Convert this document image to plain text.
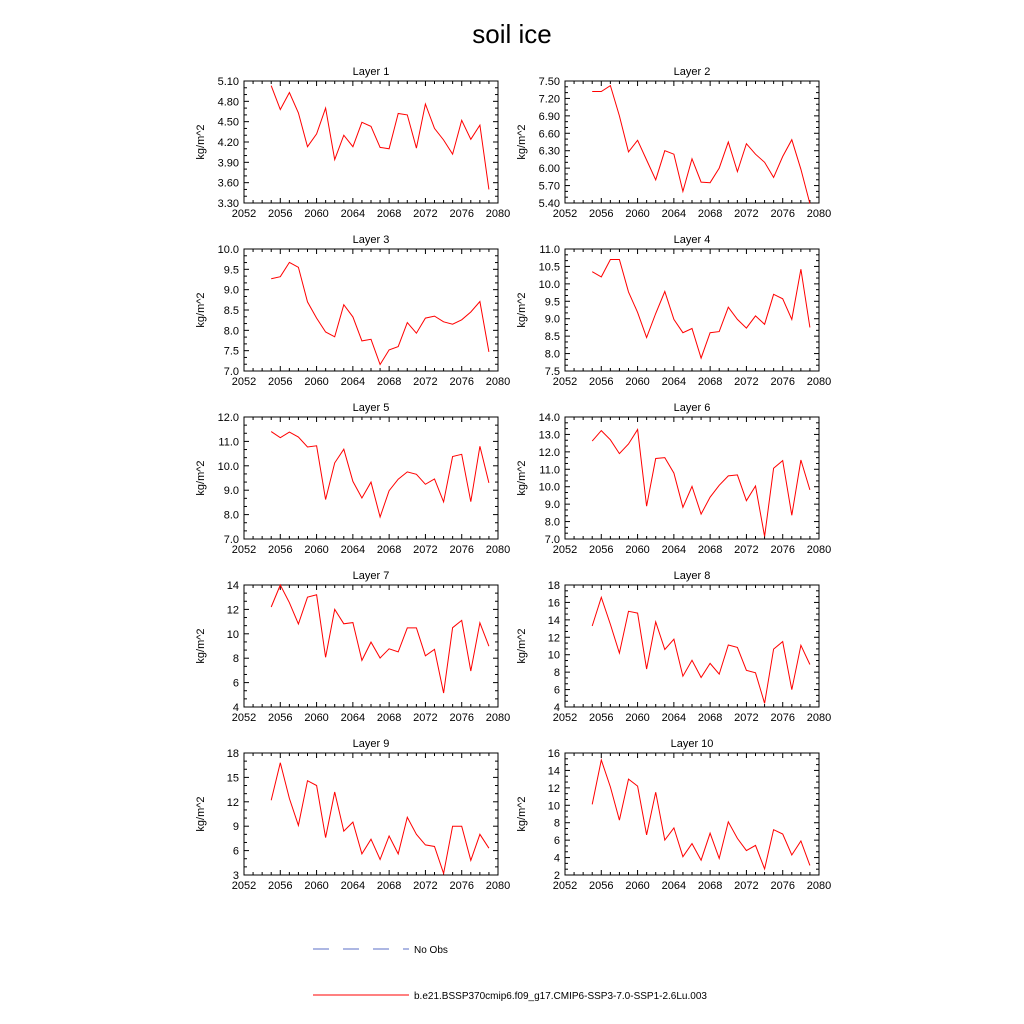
soil ice
Layer 1
kg/m^2
2052 2056 2060 2064 2068 2072 2076 2080
3.30
3.60
3.90
4.20
4.50
4.80
5.10
Layer 2
kg/m^2
2052 2056 2060 2064 2068 2072 2076 2080
5.40
5.70
6.00
6.30
6.60
6.90
7.20
7.50
Layer 3
kg/m^2
2052 2056 2060 2064 2068 2072 2076 2080
7.0
7.5
8.0
8.5
9.0
9.5
10.0
Layer 4
kg/m^2
2052 2056 2060 2064 2068 2072 2076 2080
7.5
8.0
8.5
9.0
9.5
10.0
10.5
11.0
Layer 5
kg/m^2
2052 2056 2060 2064 2068 2072 2076 2080
7.0
8.0
9.0
10.0
11.0
12.0
Layer 6
kg/m^2
2052 2056 2060 2064 2068 2072 2076 2080
7.0
8.0
9.0
10.0
11.0
12.0
13.0
14.0
Layer 7
kg/m^2
2052 2056 2060 2064 2068 2072 2076 2080
4
6
8
10
12
14
Layer 8
kg/m^2
2052 2056 2060 2064 2068 2072 2076 2080
4
6
8
10
12
14
16
18
Layer 9
kg/m^2
2052 2056 2060 2064 2068 2072 2076 2080
3
6
9
12
15
18
Layer 10
kg/m^2
2052 2056 2060 2064 2068 2072 2076 2080
2
4
6
8
10
12
14
16
No Obs
b.e21.BSSP370cmip6.f09_g17.CMIP6-SSP3-7.0-SSP1-2.6Lu.003
